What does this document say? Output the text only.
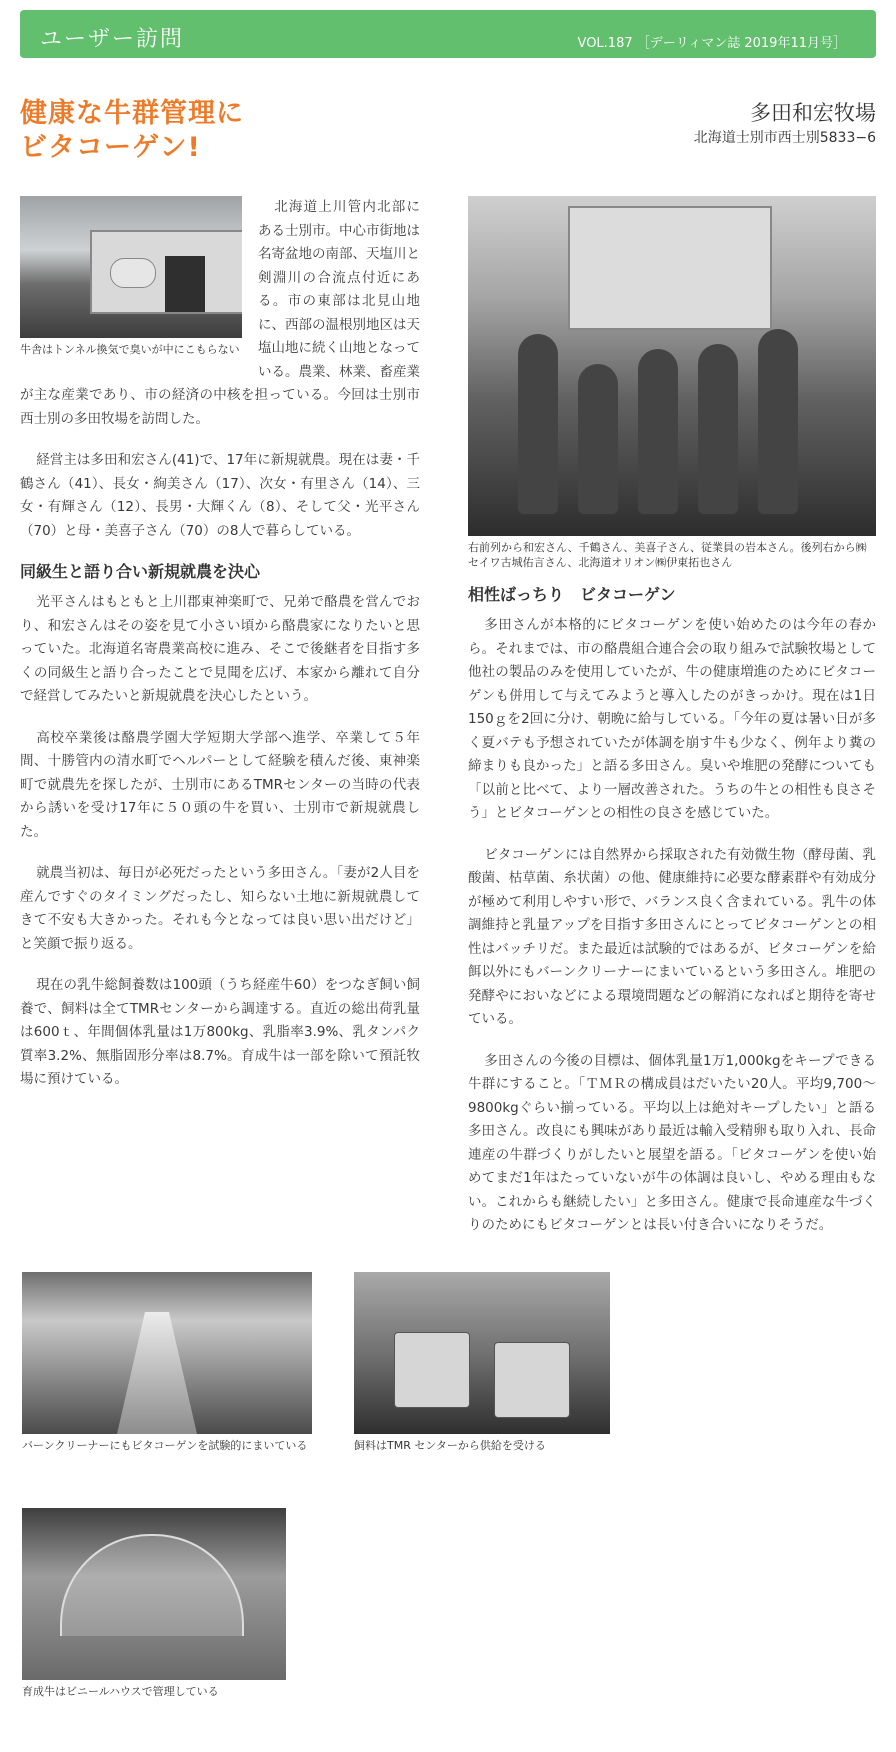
ユーザー訪問	VOL.187 ［デーリィマン誌 2019年11月号］
健康な牛群管理に
ビタコーゲン!
多田和宏牧場
北海道士別市西士別5833−6
牛舎はトンネル換気で臭いが中にこもらない

北海道上川管内北部にある士別市。中心市街地は名寄盆地の南部、天塩川と剣淵川の合流点付近にある。市の東部は北見山地に、西部の温根別地区は天塩山地に続く山地となっている。農業、林業、畜産業が主な産業であり、市の経済の中核を担っている。今回は士別市西士別の多田牧場を訪問した。

経営主は多田和宏さん(41)で、17年に新規就農。現在は妻・千鶴さん（41）、長女・絢美さん（17）、次女・有里さん（14）、三女・有輝さん（12）、長男・大輝くん（8）、そして父・光平さん（70）と母・美喜子さん（70）の8人で暮らしている。

同級生と語り合い新規就農を決心

光平さんはもともと上川郡東神楽町で、兄弟で酪農を営んでおり、和宏さんはその姿を見て小さい頃から酪農家になりたいと思っていた。北海道名寄農業高校に進み、そこで後継者を目指す多くの同級生と語り合ったことで見聞を広げ、本家から離れて自分で経営してみたいと新規就農を決心したという。

高校卒業後は酪農学園大学短期大学部へ進学、卒業して５年間、十勝管内の清水町でヘルパーとして経験を積んだ後、東神楽町で就農先を探したが、士別市にあるTMRセンターの当時の代表から誘いを受け17年に５０頭の牛を買い、士別市で新規就農した。

就農当初は、毎日が必死だったという多田さん。「妻が2人目を産んですぐのタイミングだったし、知らない土地に新規就農してきて不安も大きかった。それも今となっては良い思い出だけど」と笑顔で振り返る。

現在の乳牛総飼養数は100頭（うち経産牛60）をつなぎ飼い飼養で、飼料は全てTMRセンターから調達する。直近の総出荷乳量は600ｔ、年間個体乳量は1万800kg、乳脂率3.9%、乳タンパク質率3.2%、無脂固形分率は8.7%。育成牛は一部を除いて預託牧場に預けている。

右前列から和宏さん、千鶴さん、美喜子さん、従業員の岩本さん。後列右から㈱セイワ古城佑言さん、北海道オリオン㈱伊東拓也さん
相性ばっちり　ビタコーゲン

多田さんが本格的にビタコーゲンを使い始めたのは今年の春から。それまでは、市の酪農組合連合会の取り組みで試験牧場として他社の製品のみを使用していたが、牛の健康増進のためにビタコーゲンも併用して与えてみようと導入したのがきっかけ。現在は1日150ｇを2回に分け、朝晩に給与している。「今年の夏は暑い日が多く夏バテも予想されていたが体調を崩す牛も少なく、例年より糞の締まりも良かった」と語る多田さん。臭いや堆肥の発酵についても「以前と比べて、より一層改善された。うちの牛との相性も良さそう」とビタコーゲンとの相性の良さを感じていた。

ビタコーゲンには自然界から採取された有効微生物（酵母菌、乳酸菌、枯草菌、糸状菌）の他、健康維持に必要な酵素群や有効成分が極めて利用しやすい形で、バランス良く含まれている。乳牛の体調維持と乳量アップを目指す多田さんにとってビタコーゲンとの相性はバッチリだ。また最近は試験的ではあるが、ビタコーゲンを給餌以外にもバーンクリーナーにまいているという多田さん。堆肥の発酵やにおいなどによる環境問題などの解消になればと期待を寄せている。

多田さんの今後の目標は、個体乳量1万1,000kgをキープできる牛群にすること。「ＴＭＲの構成員はだいたい20人。平均9,700～9800kgぐらい揃っている。平均以上は絶対キープしたい」と語る多田さん。改良にも興味があり最近は輸入受精卵も取り入れ、長命連産の牛群づくりがしたいと展望を語る。「ビタコーゲンを使い始めてまだ1年はたっていないが牛の体調は良いし、やめる理由もない。これからも継続したい」と多田さん。健康で長命連産な牛づくりのためにもビタコーゲンとは長い付き合いになりそうだ。

バーンクリーナーにもビタコーゲンを試験的にまいている	飼料はTMR センターから供給を受ける
育成牛はビニールハウスで管理している
